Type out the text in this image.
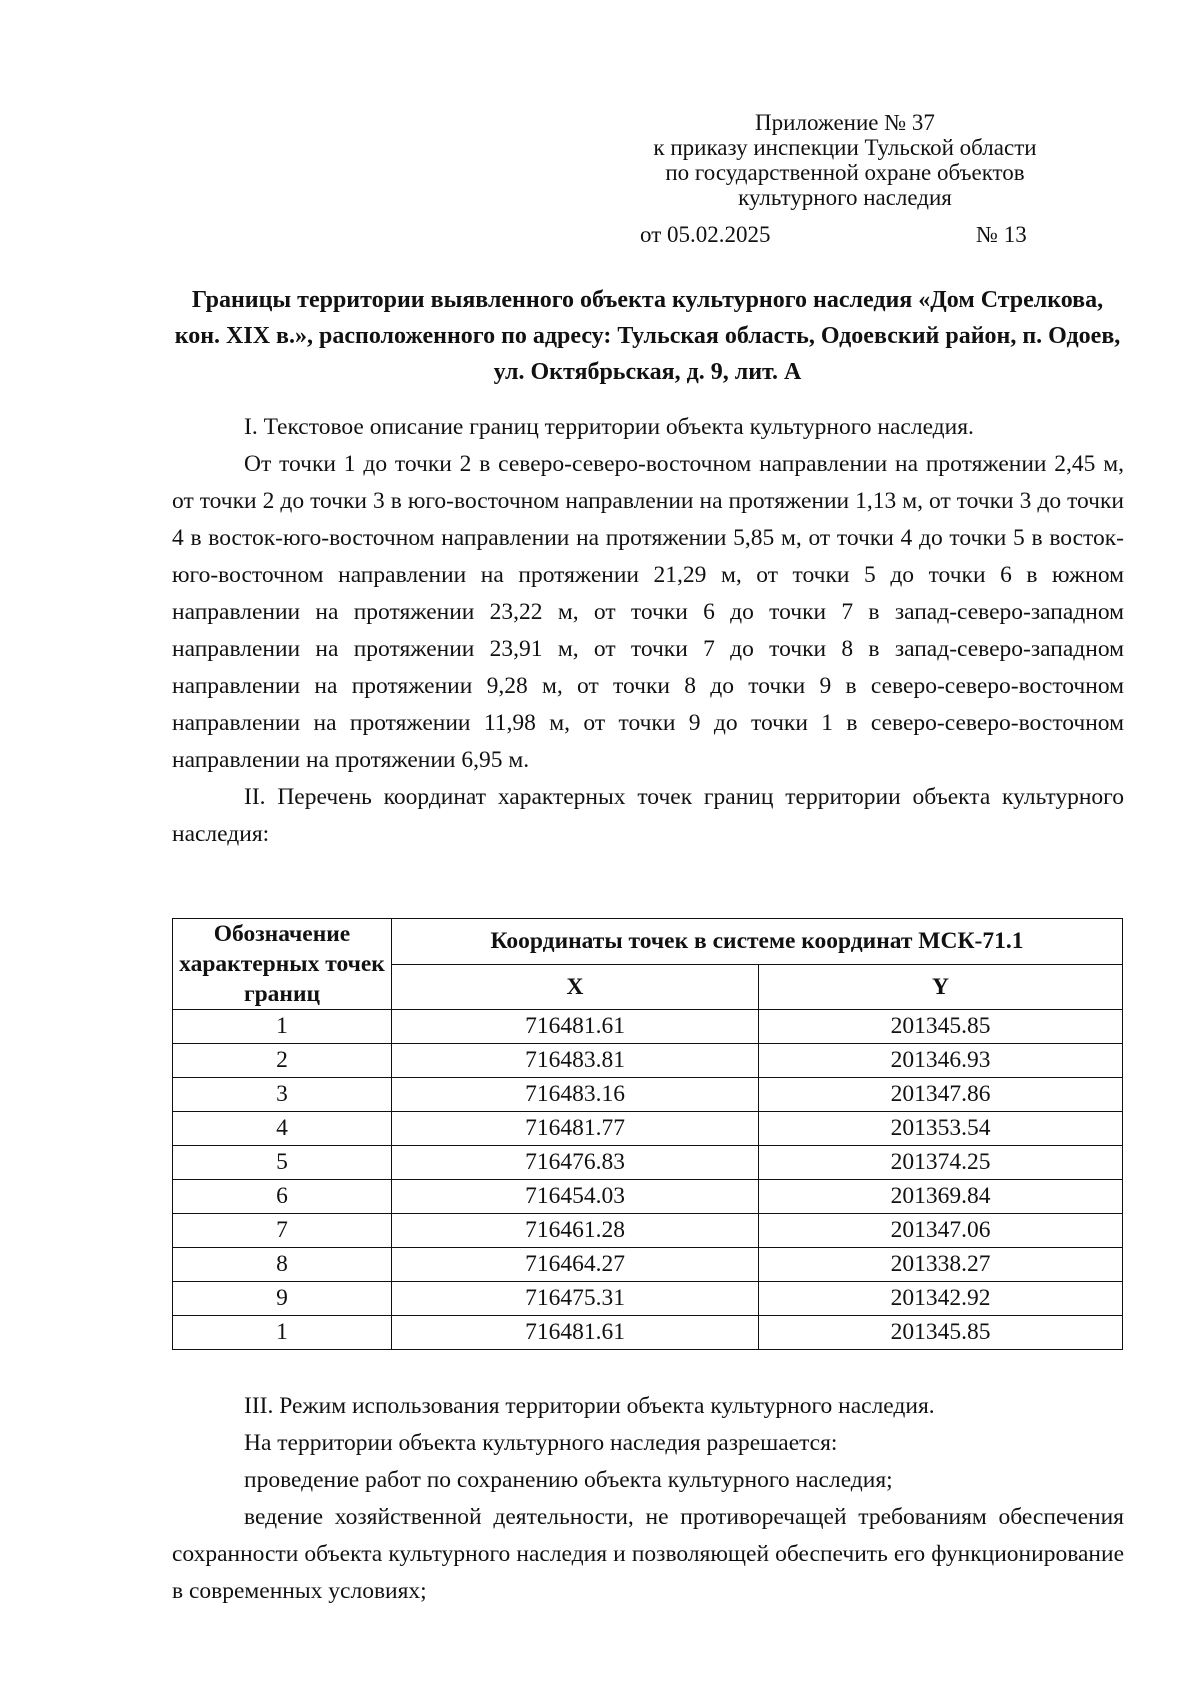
Приложение № 37
к приказу инспекции Тульской области
по государственной охране объектов
культурного наследия
от 05.02.2025	№ 13
Границы территории выявленного объекта культурного наследия «Дом Стрелкова, кон. XIX в.», расположенного по адресу: Тульская область, Одоевский район, п. Одоев, ул. Октябрьская, д. 9, лит. А

I. Текстовое описание границ территории объекта культурного наследия.

От точки 1 до точки 2 в северо-северо-восточном направлении на протяжении 2,45 м, от точки 2 до точки 3 в юго-восточном направлении на протяжении 1,13 м, от точки 3 до точки 4 в восток-юго-восточном направлении на протяжении 5,85 м, от точки 4 до точки 5 в восток-юго-восточном направлении на протяжении 21,29 м, от точки 5 до точки 6 в южном направлении на протяжении 23,22 м, от точки 6 до точки 7 в запад-северо-западном направлении на протяжении 23,91 м, от точки 7 до точки 8 в запад-северо-западном направлении на протяжении 9,28 м, от точки 8 до точки 9 в северо-северо-восточном направлении на протяжении 11,98 м, от точки 9 до точки 1 в северо-северо-восточном направлении на протяжении 6,95 м.

II. Перечень координат характерных точек границ территории объекта культурного наследия:

Обозначение характерных точек границ	Координаты точек в системе координат МСК-71.1	
	X	Y
1	716481.61	201345.85
2	716483.81	201346.93
3	716483.16	201347.86
4	716481.77	201353.54
5	716476.83	201374.25
6	716454.03	201369.84
7	716461.28	201347.06
8	716464.27	201338.27
9	716475.31	201342.92
1	716481.61	201345.85

III. Режим использования территории объекта культурного наследия.

На территории объекта культурного наследия разрешается:

проведение работ по сохранению объекта культурного наследия;

ведение хозяйственной деятельности, не противоречащей требованиям обеспечения сохранности объекта культурного наследия и позволяющей обеспечить его функционирование в современных условиях;
